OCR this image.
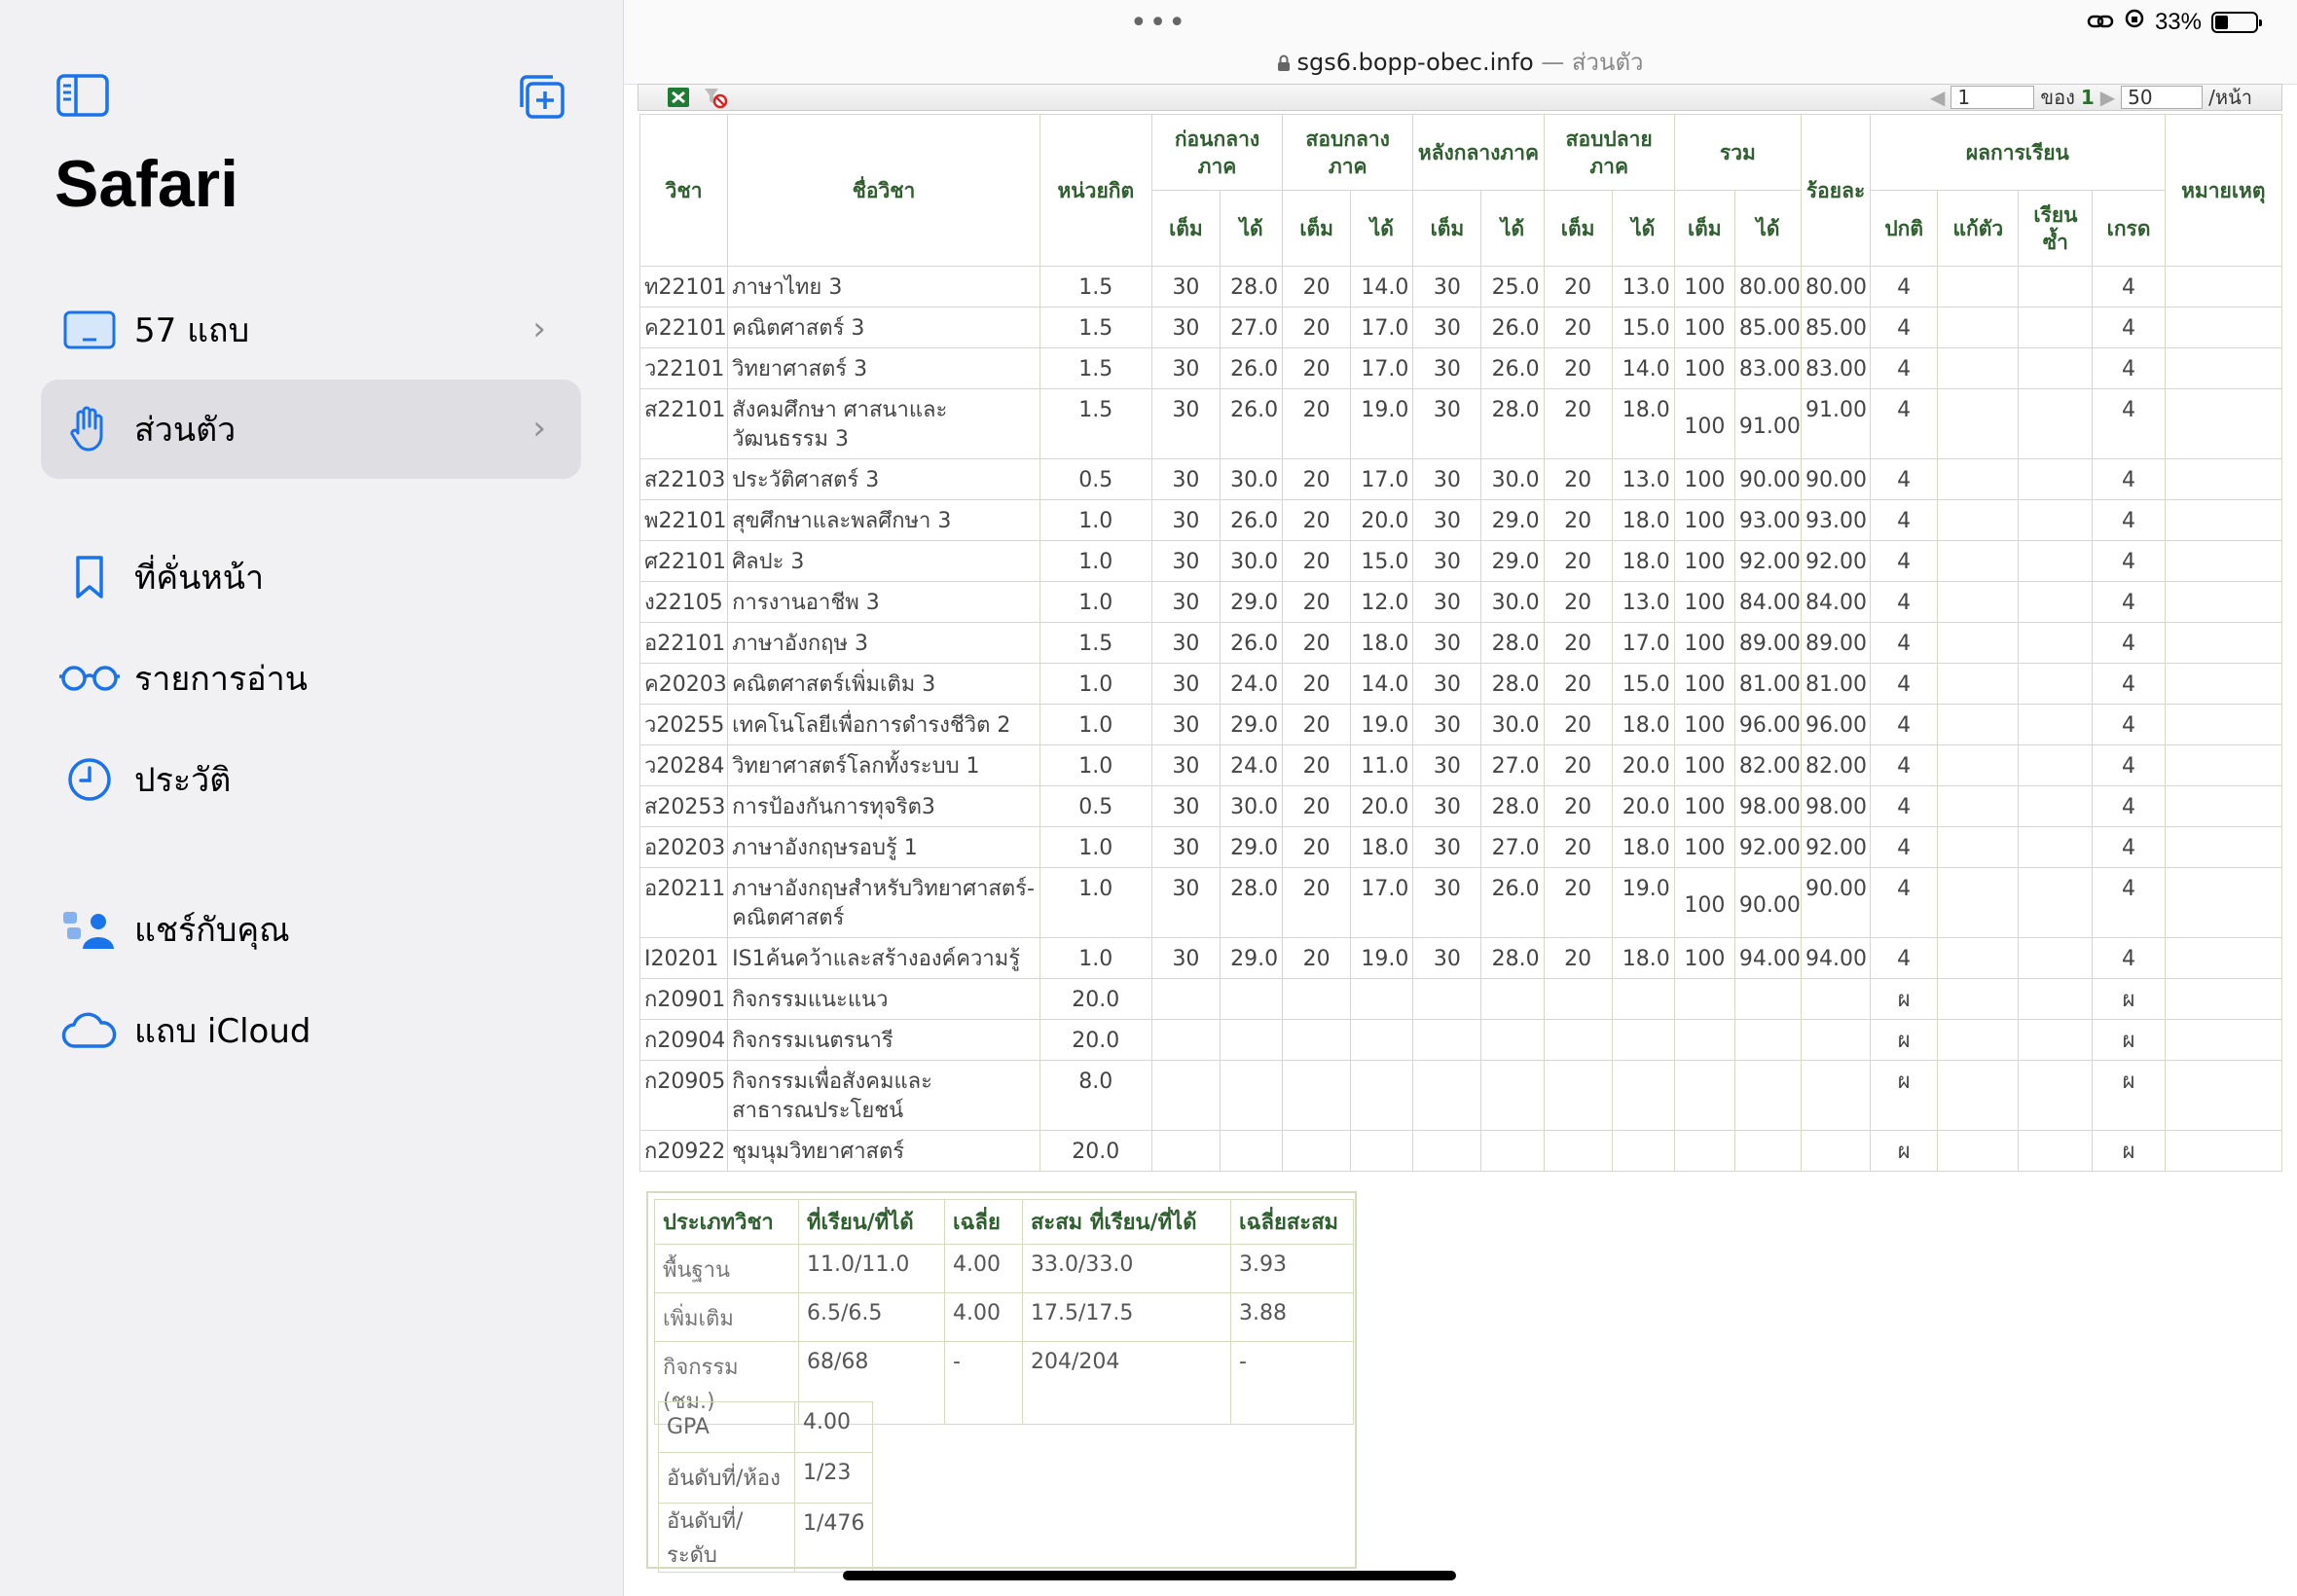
Safari
57 แถบ	›
ส่วนตัว	›
ที่คั่นหน้า
รายการอ่าน
ประวัติ
แชร์กับคุณ
แถบ iCloud
•••
sgs6.bopp-obec.info — ส่วนตัว
◀ 1	ของ 1 ▶ 50	/หน้า
วิชา	ชื่อวิชา	หน่วยกิต	ก่อนกลางภาค		สอบกลางภาค		หลังกลางภาค		สอบปลายภาค		รวม		ร้อยละ	ผลการเรียน				หมายเหตุ
			เต็ม	ได้	เต็ม	ได้	เต็ม	ได้	เต็ม	ได้	เต็ม	ได้		ปกติ	แก้ตัว	เรียนซ้ำ	เกรด	
ท22101	ภาษาไทย 3	1.5	30	28.0	20	14.0	30	25.0	20	13.0	100	80.00	80.00	4			4	
ค22101	คณิตศาสตร์ 3	1.5	30	27.0	20	17.0	30	26.0	20	15.0	100	85.00	85.00	4			4	
ว22101	วิทยาศาสตร์ 3	1.5	30	26.0	20	17.0	30	26.0	20	14.0	100	83.00	83.00	4			4	
ส22101	สังคมศึกษา ศาสนาและวัฒนธรรม 3	1.5	30	26.0	20	19.0	30	28.0	20	18.0	100	91.00	91.00	4			4	
ส22103	ประวัติศาสตร์ 3	0.5	30	30.0	20	17.0	30	30.0	20	13.0	100	90.00	90.00	4			4	
พ22101	สุขศึกษาและพลศึกษา 3	1.0	30	26.0	20	20.0	30	29.0	20	18.0	100	93.00	93.00	4			4	
ศ22101	ศิลปะ 3	1.0	30	30.0	20	15.0	30	29.0	20	18.0	100	92.00	92.00	4			4	
ง22105	การงานอาชีพ 3	1.0	30	29.0	20	12.0	30	30.0	20	13.0	100	84.00	84.00	4			4	
อ22101	ภาษาอังกฤษ 3	1.5	30	26.0	20	18.0	30	28.0	20	17.0	100	89.00	89.00	4			4	
ค20203	คณิตศาสตร์เพิ่มเติม 3	1.0	30	24.0	20	14.0	30	28.0	20	15.0	100	81.00	81.00	4			4	
ว20255	เทคโนโลยีเพื่อการดำรงชีวิต 2	1.0	30	29.0	20	19.0	30	30.0	20	18.0	100	96.00	96.00	4			4	
ว20284	วิทยาศาสตร์โลกทั้งระบบ 1	1.0	30	24.0	20	11.0	30	27.0	20	20.0	100	82.00	82.00	4			4	
ส20253	การป้องกันการทุจริต3	0.5	30	30.0	20	20.0	30	28.0	20	20.0	100	98.00	98.00	4			4	
อ20203	ภาษาอังกฤษรอบรู้ 1	1.0	30	29.0	20	18.0	30	27.0	20	18.0	100	92.00	92.00	4			4	
อ20211	ภาษาอังกฤษสำหรับวิทยาศาสตร์-คณิตศาสตร์	1.0	30	28.0	20	17.0	30	26.0	20	19.0	100	90.00	90.00	4			4	
I20201	IS1ค้นคว้าและสร้างองค์ความรู้	1.0	30	29.0	20	19.0	30	28.0	20	18.0	100	94.00	94.00	4			4	
ก20901	กิจกรรมแนะแนว	20.0												ผ			ผ	
ก20904	กิจกรรมเนตรนารี	20.0												ผ			ผ	
ก20905	กิจกรรมเพื่อสังคมและสาธารณประโยชน์	8.0												ผ			ผ	
ก20922	ชุมนุมวิทยาศาสตร์	20.0												ผ			ผ	
ประเภทวิชา	ที่เรียน/ที่ได้	เฉลี่ย	สะสม ที่เรียน/ที่ได้	เฉลี่ยสะสม
พื้นฐาน	11.0/11.0	4.00	33.0/33.0	3.93
เพิ่มเติม	6.5/6.5	4.00	17.5/17.5	3.88
กิจกรรม (ชม.)	68/68	-	204/204	-
GPA	4.00
อันดับที่/ห้อง	1/23
อันดับที่/ระดับ	1/476
33%
